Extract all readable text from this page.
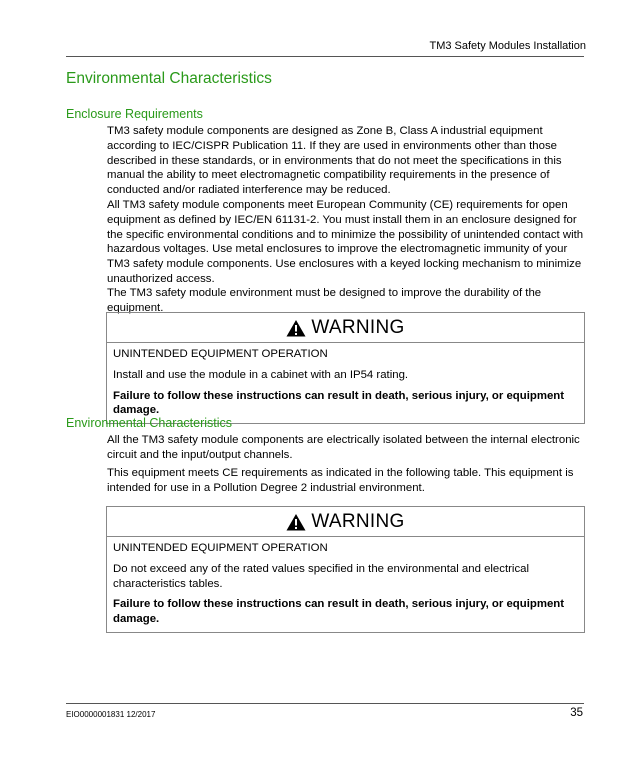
TM3 Safety Modules Installation
Environmental Characteristics
Enclosure Requirements

TM3 safety module components are designed as Zone B, Class A industrial equipment according to IEC/CISPR Publication 11. If they are used in environments other than those described in these standards, or in environments that do not meet the specifications in this manual the ability to meet electromagnetic compatibility requirements in the presence of conducted and/or radiated interference may be reduced.

All TM3 safety module components meet European Community (CE) requirements for open equipment as defined by IEC/EN 61131-2. You must install them in an enclosure designed for the specific environmental conditions and to minimize the possibility of unintended contact with hazardous voltages. Use metal enclosures to improve the electromagnetic immunity of your TM3 safety module components. Use enclosures with a keyed locking mechanism to minimize unauthorized access.

The TM3 safety module environment must be designed to improve the durability of the equipment.

WARNING

UNINTENDED EQUIPMENT OPERATION

Install and use the module in a cabinet with an IP54 rating.

Failure to follow these instructions can result in death, serious injury, or equipment damage.

Environmental Characteristics

All the TM3 safety module components are electrically isolated between the internal electronic circuit and the input/output channels.

This equipment meets CE requirements as indicated in the following table. This equipment is intended for use in a Pollution Degree 2 industrial environment.

WARNING

UNINTENDED EQUIPMENT OPERATION

Do not exceed any of the rated values specified in the environmental and electrical characteristics tables.

Failure to follow these instructions can result in death, serious injury, or equipment damage.

EIO0000001831 12/2017	35
